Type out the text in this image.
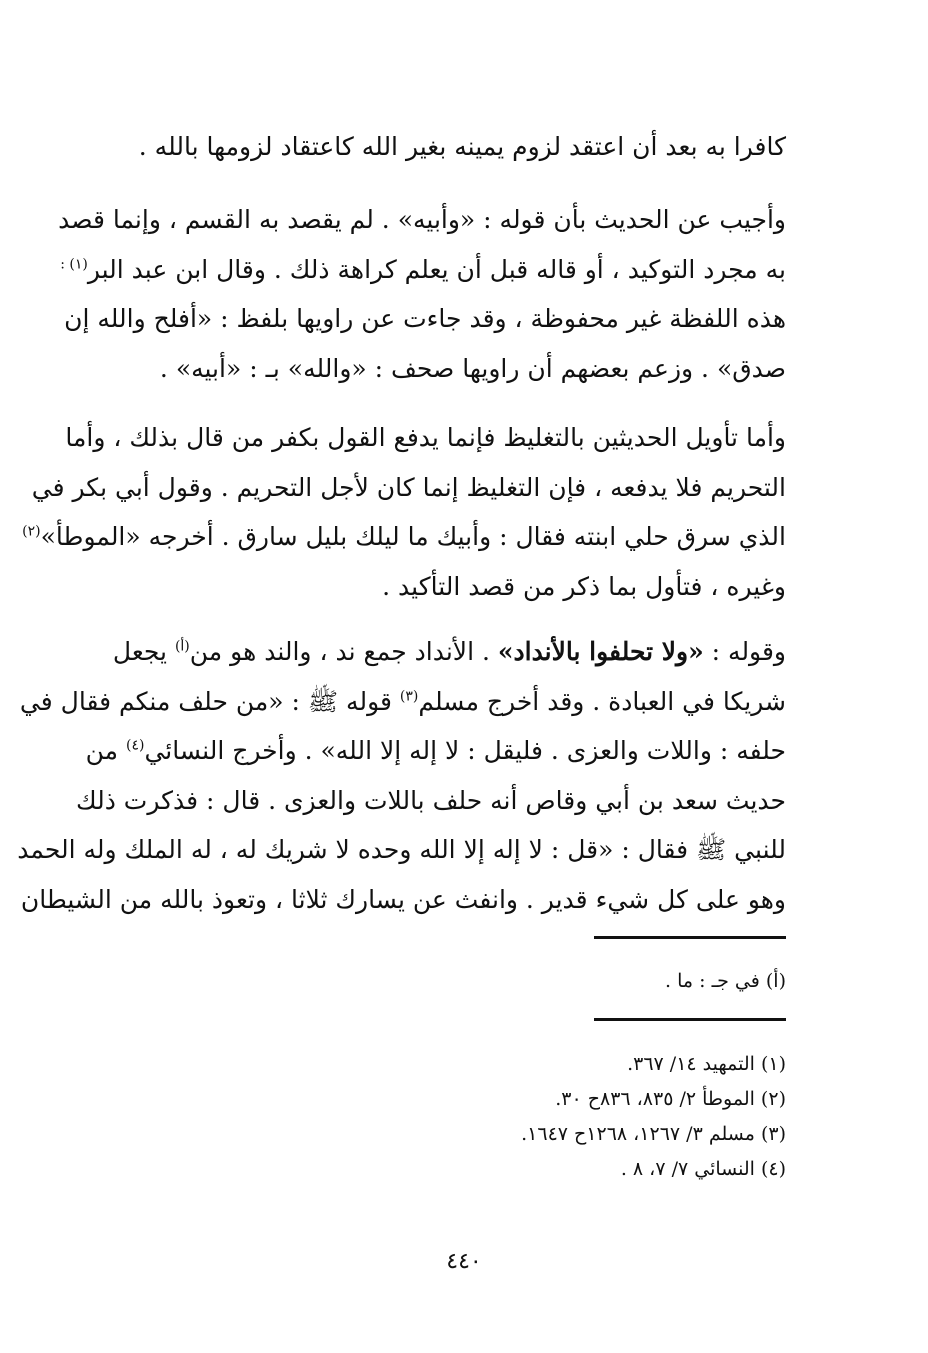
كافرا به بعد أن اعتقد لزوم يمينه بغير الله كاعتقاد لزومها بالله .
وأجيب عن الحديث بأن قوله : «وأبيه» . لم يقصد به القسم ، وإنما قصد
به مجرد التوكيد ، أو قاله قبل أن يعلم كراهة ذلك . وقال ابن عبد البر$^{(١) :}$
هذه اللفظة غير محفوظة ، وقد جاءت عن راويها بلفظ : «أفلح والله إن
صدق» . وزعم بعضهم أن راويها صحف : «والله» بـ : «أبيه» .
وأما تأويل الحديثين بالتغليظ فإنما يدفع القول بكفر من قال بذلك ، وأما
التحريم فلا يدفعه ، فإن التغليظ إنما كان لأجل التحريم . وقول أبي بكر في
الذي سرق حلي ابنته فقال : وأبيك ما ليلك بليل سارق . أخرجه «الموطأ»$^{(٢)}$
وغيره ، فتأول بما ذكر من قصد التأكيد .
وقوله : «ولا تحلفوا بالأنداد» . الأنداد جمع ند ، والند هو من$^{(أ)}$ يجعل
شريكا في العبادة . وقد أخرج مسلم$^{(٣)}$ قوله ﷺ : «من حلف منكم فقال في
حلفه : واللات والعزى . فليقل : لا إله إلا الله» . وأخرج النسائي$^{(٤)}$ من
حديث سعد بن أبي وقاص أنه حلف باللات والعزى . قال : فذكرت ذلك
للنبي ﷺ فقال : «قل : لا إله إلا الله وحده لا شريك له ، له الملك وله الحمد
وهو على كل شيء قدير . وانفث عن يسارك ثلاثا ، وتعوذ بالله من الشيطان
(أ) في جـ : ما .
(١) التمهيد ١٤/ ٣٦٧.
(٢) الموطأ ٢/ ٨٣٥، ٨٣٦ح ٣٠.
(٣) مسلم ٣/ ١٢٦٧، ١٢٦٨ح ١٦٤٧.
(٤) النسائي ٧/ ٧، ٨ .
٤٤٠
